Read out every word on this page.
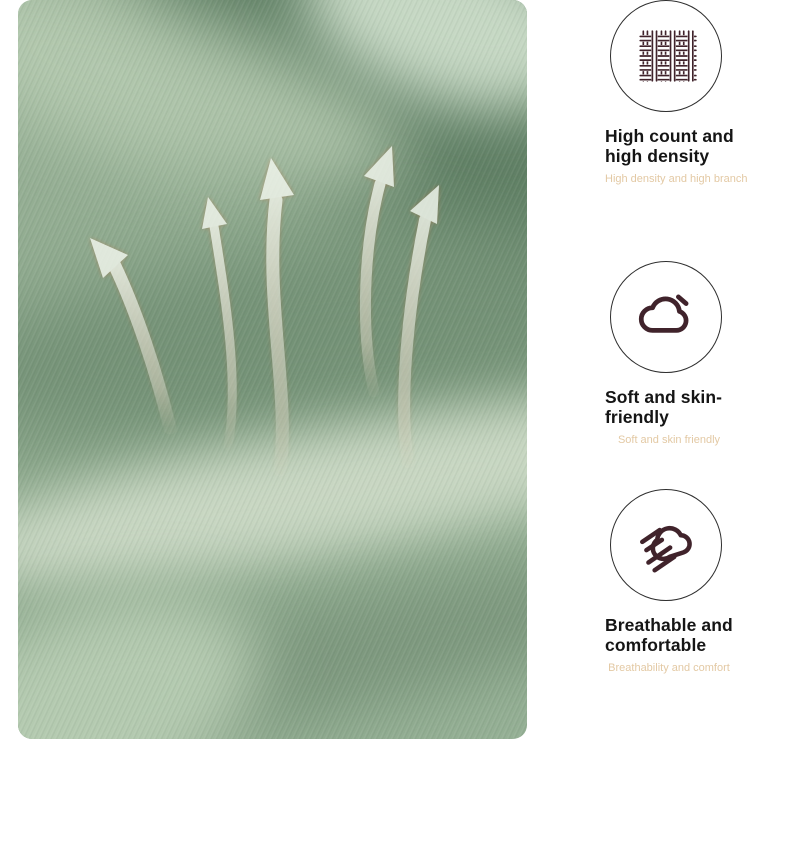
Soft and skin-
friendly
Soft and skin friendly
Breathable and
comfortable
Breathability and comfort
High count and
high density
High density and high branch
